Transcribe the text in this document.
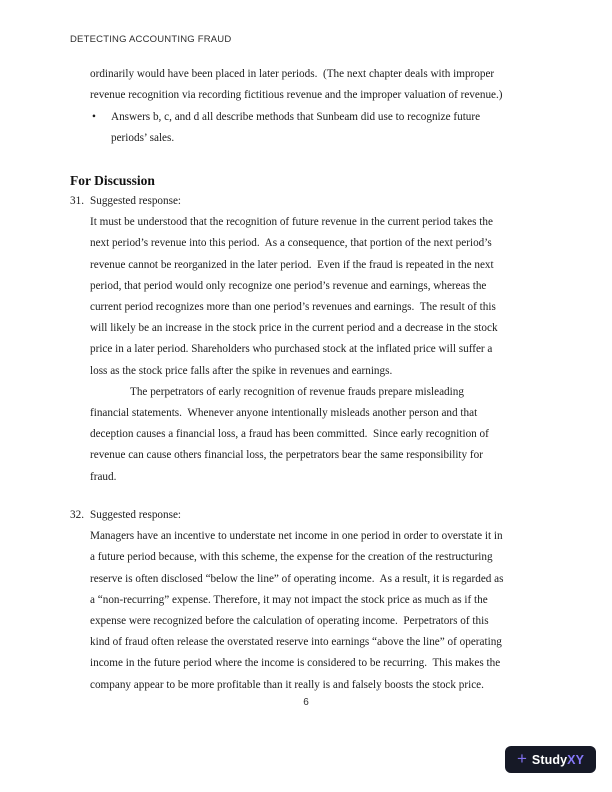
DETECTING ACCOUNTING FRAUD
ordinarily would have been placed in later periods.  (The next chapter deals with improper
revenue recognition via recording fictitious revenue and the improper valuation of revenue.)
•	Answers b, c, and d all describe methods that Sunbeam did use to recognize future
periods’ sales.
For Discussion
31. Suggested response:
It must be understood that the recognition of future revenue in the current period takes the
next period’s revenue into this period.  As a consequence, that portion of the next period’s
revenue cannot be reorganized in the later period.  Even if the fraud is repeated in the next
period, that period would only recognize one period’s revenue and earnings, whereas the
current period recognizes more than one period’s revenues and earnings.  The result of this
will likely be an increase in the stock price in the current period and a decrease in the stock
price in a later period. Shareholders who purchased stock at the inflated price will suffer a
loss as the stock price falls after the spike in revenues and earnings.
The perpetrators of early recognition of revenue frauds prepare misleading
financial statements.  Whenever anyone intentionally misleads another person and that
deception causes a financial loss, a fraud has been committed.  Since early recognition of
revenue can cause others financial loss, the perpetrators bear the same responsibility for
fraud.
32. Suggested response:
Managers have an incentive to understate net income in one period in order to overstate it in
a future period because, with this scheme, the expense for the creation of the restructuring
reserve is often disclosed “below the line” of operating income.  As a result, it is regarded as
a “non-recurring” expense. Therefore, it may not impact the stock price as much as if the
expense were recognized before the calculation of operating income.  Perpetrators of this
kind of fraud often release the overstated reserve into earnings “above the line” of operating
income in the future period where the income is considered to be recurring.  This makes the
company appear to be more profitable than it really is and falsely boosts the stock price.
6
+ StudyXY
